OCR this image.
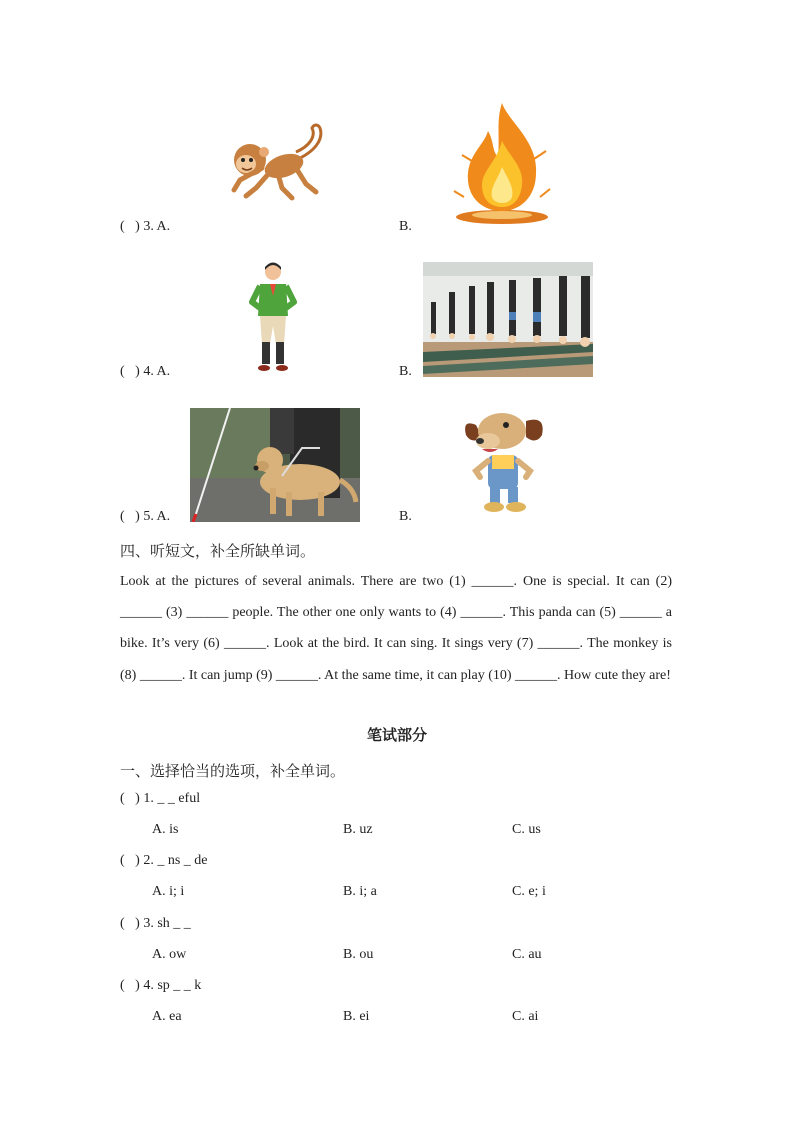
(   ) 3. A.	B.
(   ) 4. A.	B.
(   ) 5. A.	B.
四、听短文，补全所缺单词。
Look at the pictures of several animals. There are two (1) ______. One is special. It can (2) ______ (3) ______ people. The other one only wants to (4) ______. This panda can (5) ______ a bike. It’s very (6) ______. Look at the bird. It can sing. It sings very (7) ______. The monkey is (8) ______. It can jump (9) ______. At the same time, it can play (10) ______. How cute they are!
笔试部分
一、选择恰当的选项，补全单词。
(   ) 1. _ _ eful
A. is	B. uz	C. us
(   ) 2. _ ns _ de
A. i; i	B. i; a	C. e; i
(   ) 3. sh _ _
A. ow	B. ou	C. au
(   ) 4. sp _ _ k
A. ea	B. ei	C. ai
